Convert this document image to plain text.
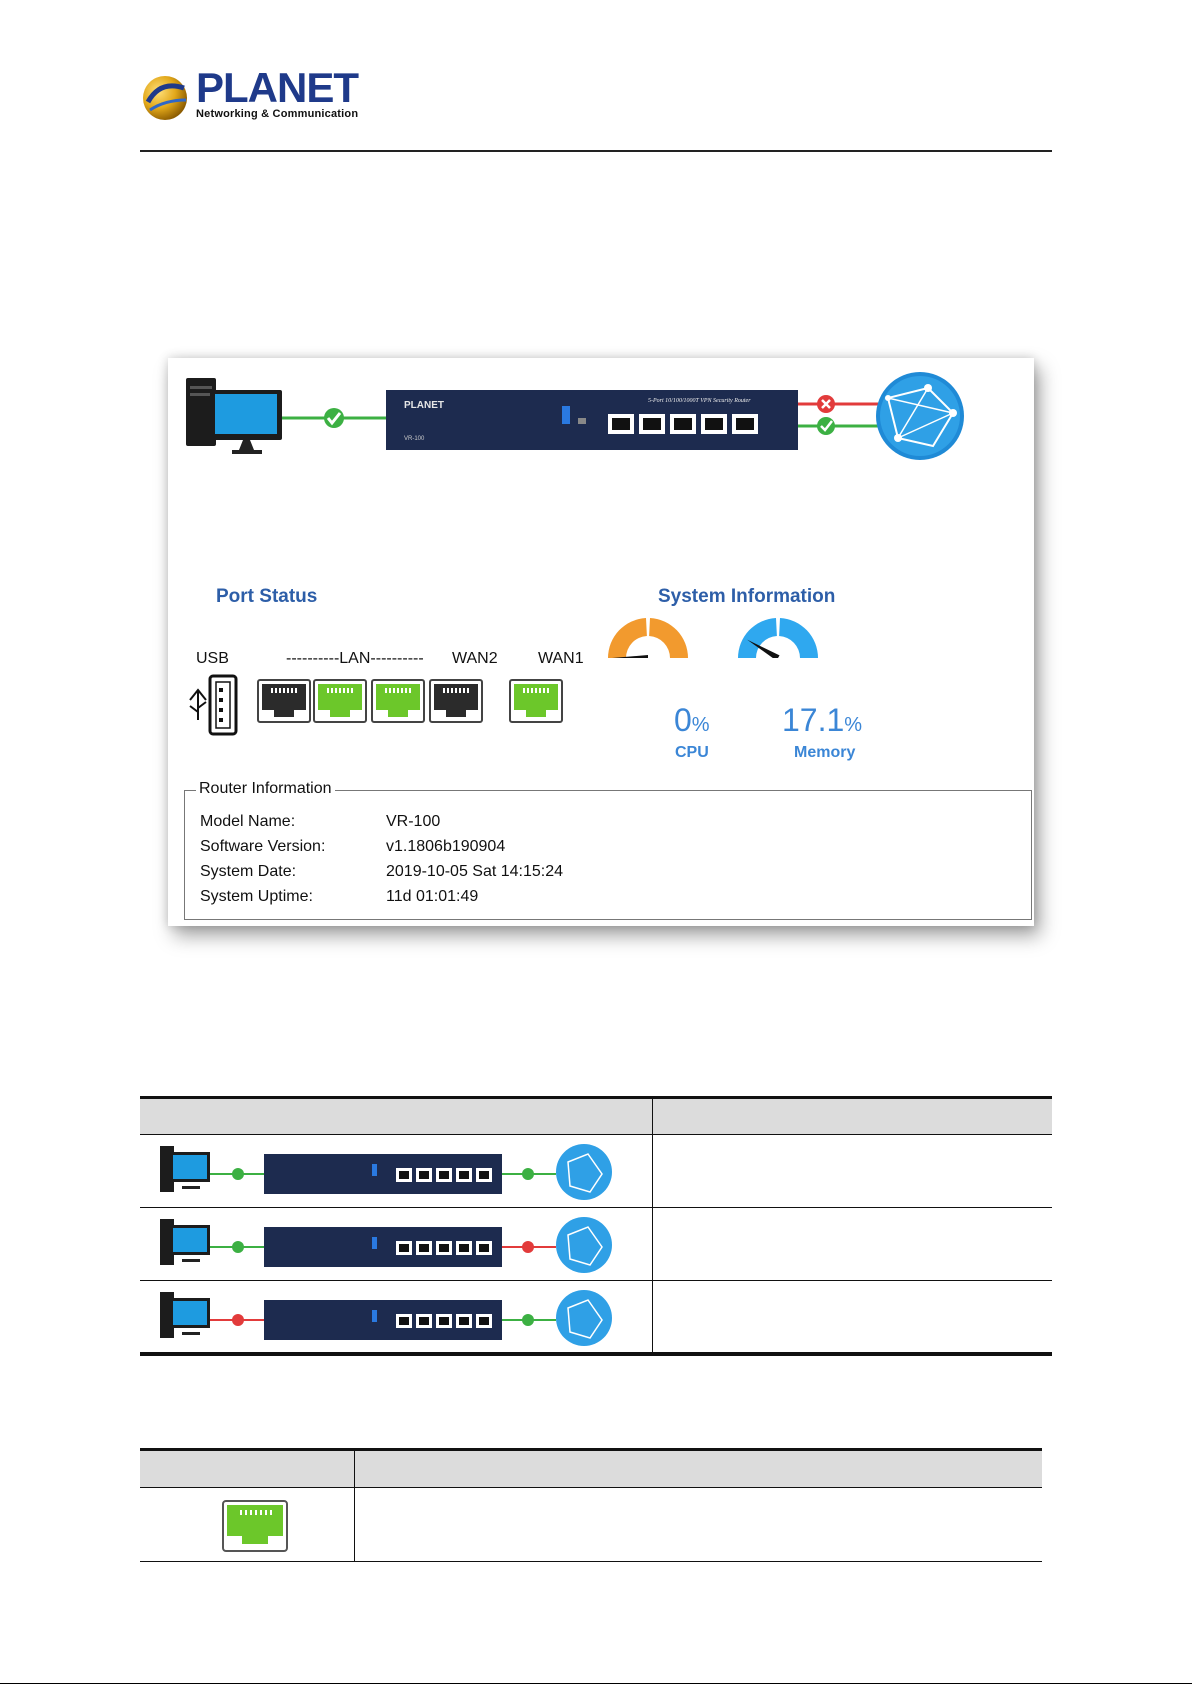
PLANET
Networking & Communication
PLANET
VR-100
5-Port 10/100/1000T VPN Security Router
Port Status	System Information
USB	----------LAN---------- WAN2	WAN1
0%
CPU
17.1%
Memory
Router Information
Model Name:	VR-100
Software Version:	v1.1806b190904
System Date:	2019-10-05 Sat 14:15:24
System Uptime:	11d 01:01:49
